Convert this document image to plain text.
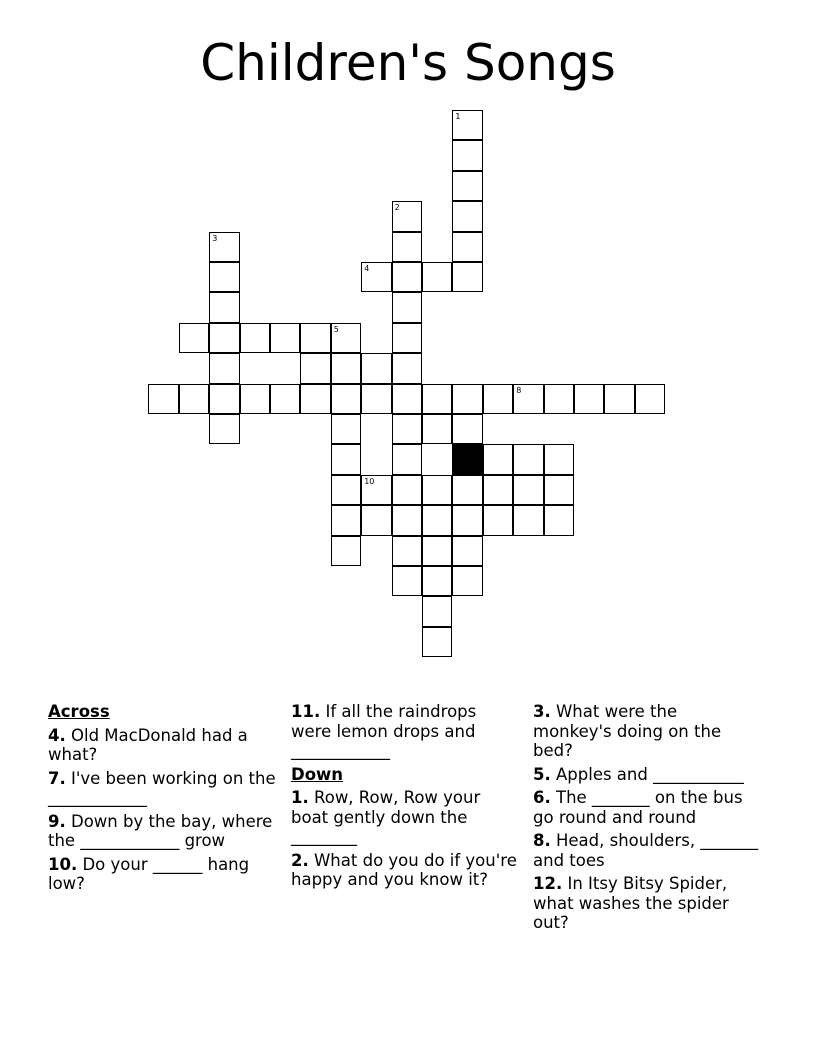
Children's Songs
1
2
3
4
5
8
10
Across
4. Old MacDonald had a what?
7. I've been working on the ____________
9. Down by the bay, where the ____________ grow
10. Do your ______ hang low?
11. If all the raindrops were lemon drops and ____________
Down
1. Row, Row, Row your boat gently down the ________
2. What do you do if you're happy and you know it?
3. What were the monkey's doing on the bed?
5. Apples and ___________
6. The _______ on the bus go round and round
8. Head, shoulders, _______ and toes
12. In Itsy Bitsy Spider, what washes the spider out?
